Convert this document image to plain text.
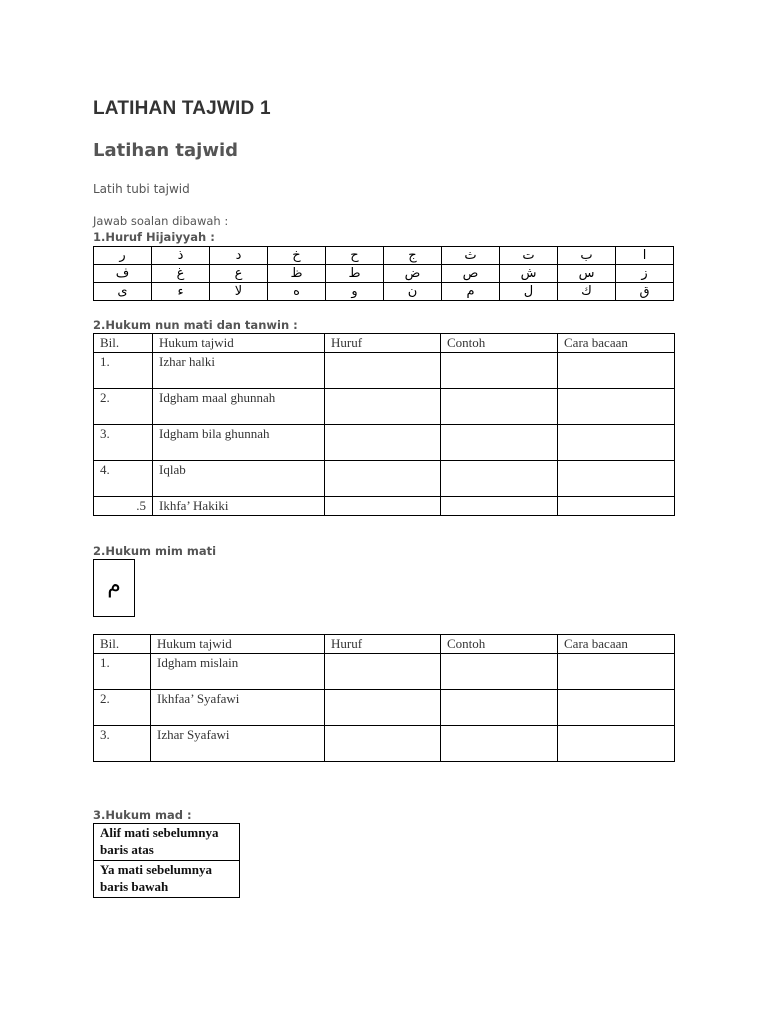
LATIHAN TAJWID 1
Latihan tajwid
Latih tubi tajwid
Jawab soalan dibawah :
1.Huruf Hijaiyyah :
ر	ذ	د	خ	ح	ج	ث	ت	ب	ا
ف	غ	ع	ظ	ط	ض	ص	ش	س	ز
ى	ء	لا	ه	و	ن	م	ل	ك	ق
2.Hukum nun mati dan tanwin :
Bil.	Hukum tajwid	Huruf	Contoh	Cara bacaan
1.	Izhar halki			
2.	Idgham maal ghunnah			
3.	Idgham bila ghunnah			
4.	Iqlab			
.5	Ikhfa’ Hakiki			
2.Hukum mim mati
م
Bil.	Hukum tajwid	Huruf	Contoh	Cara bacaan
1.	Idgham mislain			
2.	Ikhfaa’ Syafawi			
3.	Izhar Syafawi			
3.Hukum mad :
Alif mati sebelumnya baris atas
Ya mati sebelumnya baris bawah
